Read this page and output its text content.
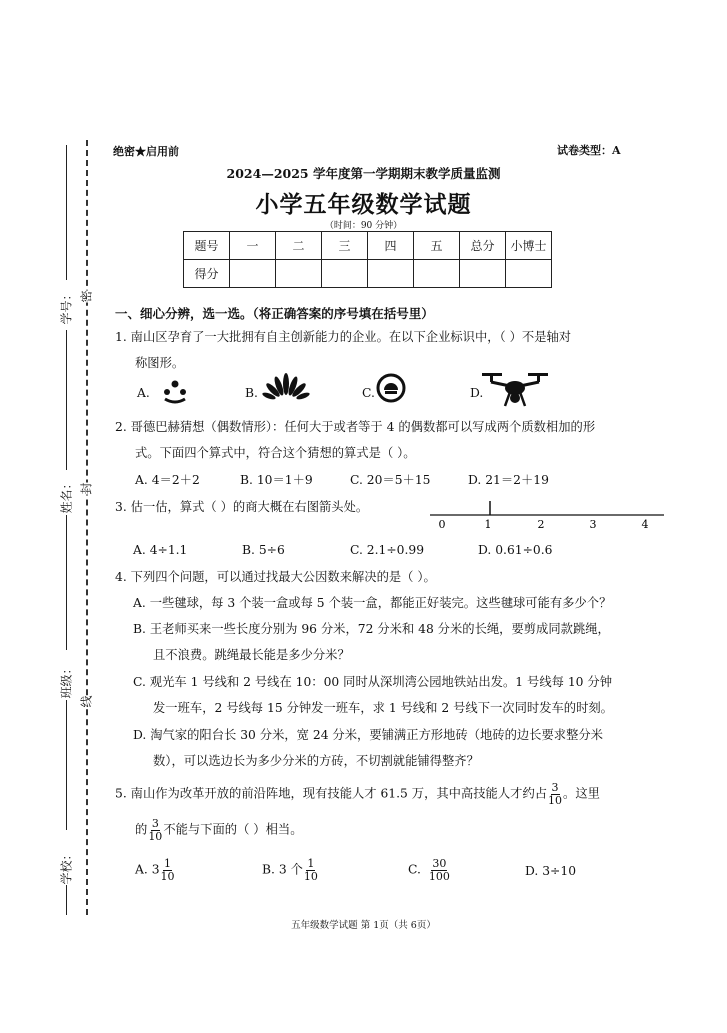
学号：
姓名：
班级：
学校：
密
封
线
绝密★启用前	试卷类型：A
2024—2025 学年度第一学期期末教学质量监测
小学五年级数学试题
（时间：90 分钟）
题号	一	二	三	四	五	总分	小博士
得分							
一、细心分辨，选一选。（将正确答案的序号填在括号里）
1. 南山区孕育了一大批拥有自主创新能力的企业。在以下企业标识中，（ ）不是轴对
称图形。
A.	B.	C.	D.
2. 哥德巴赫猜想（偶数情形）：任何大于或者等于 4 的偶数都可以写成两个质数相加的形
式。下面四个算式中，符合这个猜想的算式是（ ）。
A. 4＝2＋2	B. 10＝1＋9	C. 20＝5＋15	D. 21＝2＋19
3. 估一估，算式（ ）的商大概在右图箭头处。
0	1	2	3	4
A. 4÷1.1	B. 5÷6	C. 2.1÷0.99	D. 0.61÷0.6
4. 下列四个问题，可以通过找最大公因数来解决的是（ ）。
A. 一些毽球，每 3 个装一盒或每 5 个装一盒，都能正好装完。这些毽球可能有多少个？
B. 王老师买来一些长度分别为 96 分米，72 分米和 48 分米的长绳，要剪成同款跳绳，
且不浪费。跳绳最长能是多少分米？
C. 观光车 1 号线和 2 号线在 10：00 同时从深圳湾公园地铁站出发。1 号线每 10 分钟
发一班车，2 号线每 15 分钟发一班车，求 1 号线和 2 号线下一次同时发车的时刻。
D. 淘气家的阳台长 30 分米，宽 24 分米，要铺满正方形地砖（地砖的边长要求整分米
数），可以选边长为多少分米的方砖，不切割就能铺得整齐？
5. 南山作为改革开放的前沿阵地，现有技能人才 61.5 万，其中高技能人才约占 $\frac{3}{10}$ 。这里
的 $\frac{3}{10}$ 不能与下面的（ ）相当。
A. $3 \frac{1}{10}$	B. 3 个 $\frac{1}{10}$	C. $\frac{30}{100}$	D. 3÷10
五年级数学试题 第 1页（共 6页）
